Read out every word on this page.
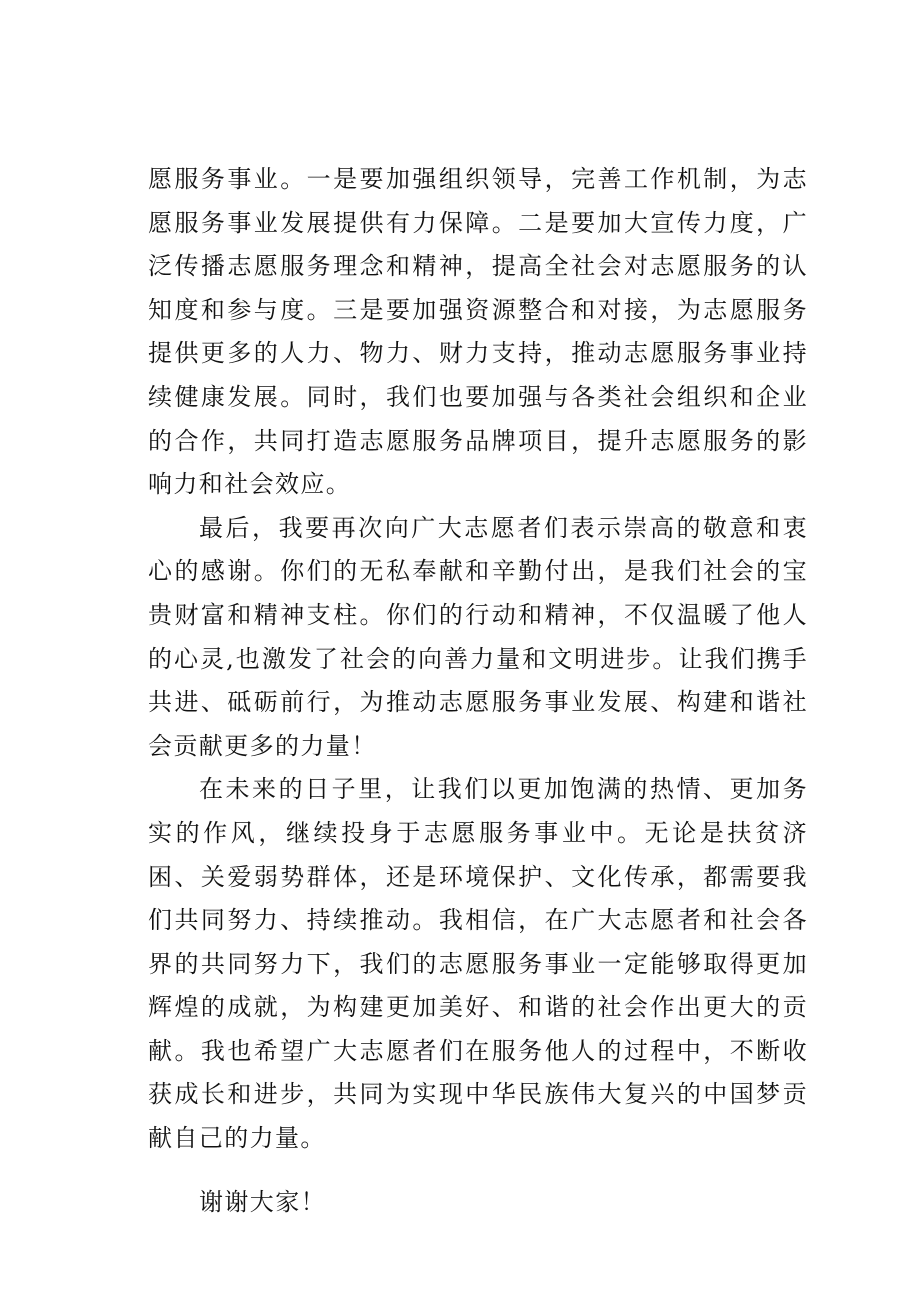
愿服务事业。一是要加强组织领导，完善工作机制，为志愿服务事业发展提供有力保障。二是要加大宣传力度，广泛传播志愿服务理念和精神，提高全社会对志愿服务的认知度和参与度。三是要加强资源整合和对接，为志愿服务提供更多的人力、物力、财力支持，推动志愿服务事业持续健康发展。同时，我们也要加强与各类社会组织和企业的合作，共同打造志愿服务品牌项目，提升志愿服务的影响力和社会效应。

最后，我要再次向广大志愿者们表示崇高的敬意和衷心的感谢。你们的无私奉献和辛勤付出，是我们社会的宝贵财富和精神支柱。你们的行动和精神，不仅温暖了他人的心灵,也激发了社会的向善力量和文明进步。让我们携手共进、砥砺前行，为推动志愿服务事业发展、构建和谐社会贡献更多的力量！

在未来的日子里，让我们以更加饱满的热情、更加务实的作风，继续投身于志愿服务事业中。无论是扶贫济困、关爱弱势群体，还是环境保护、文化传承，都需要我们共同努力、持续推动。我相信，在广大志愿者和社会各界的共同努力下，我们的志愿服务事业一定能够取得更加辉煌的成就，为构建更加美好、和谐的社会作出更大的贡献。我也希望广大志愿者们在服务他人的过程中，不断收获成长和进步，共同为实现中华民族伟大复兴的中国梦贡献自己的力量。

谢谢大家！
